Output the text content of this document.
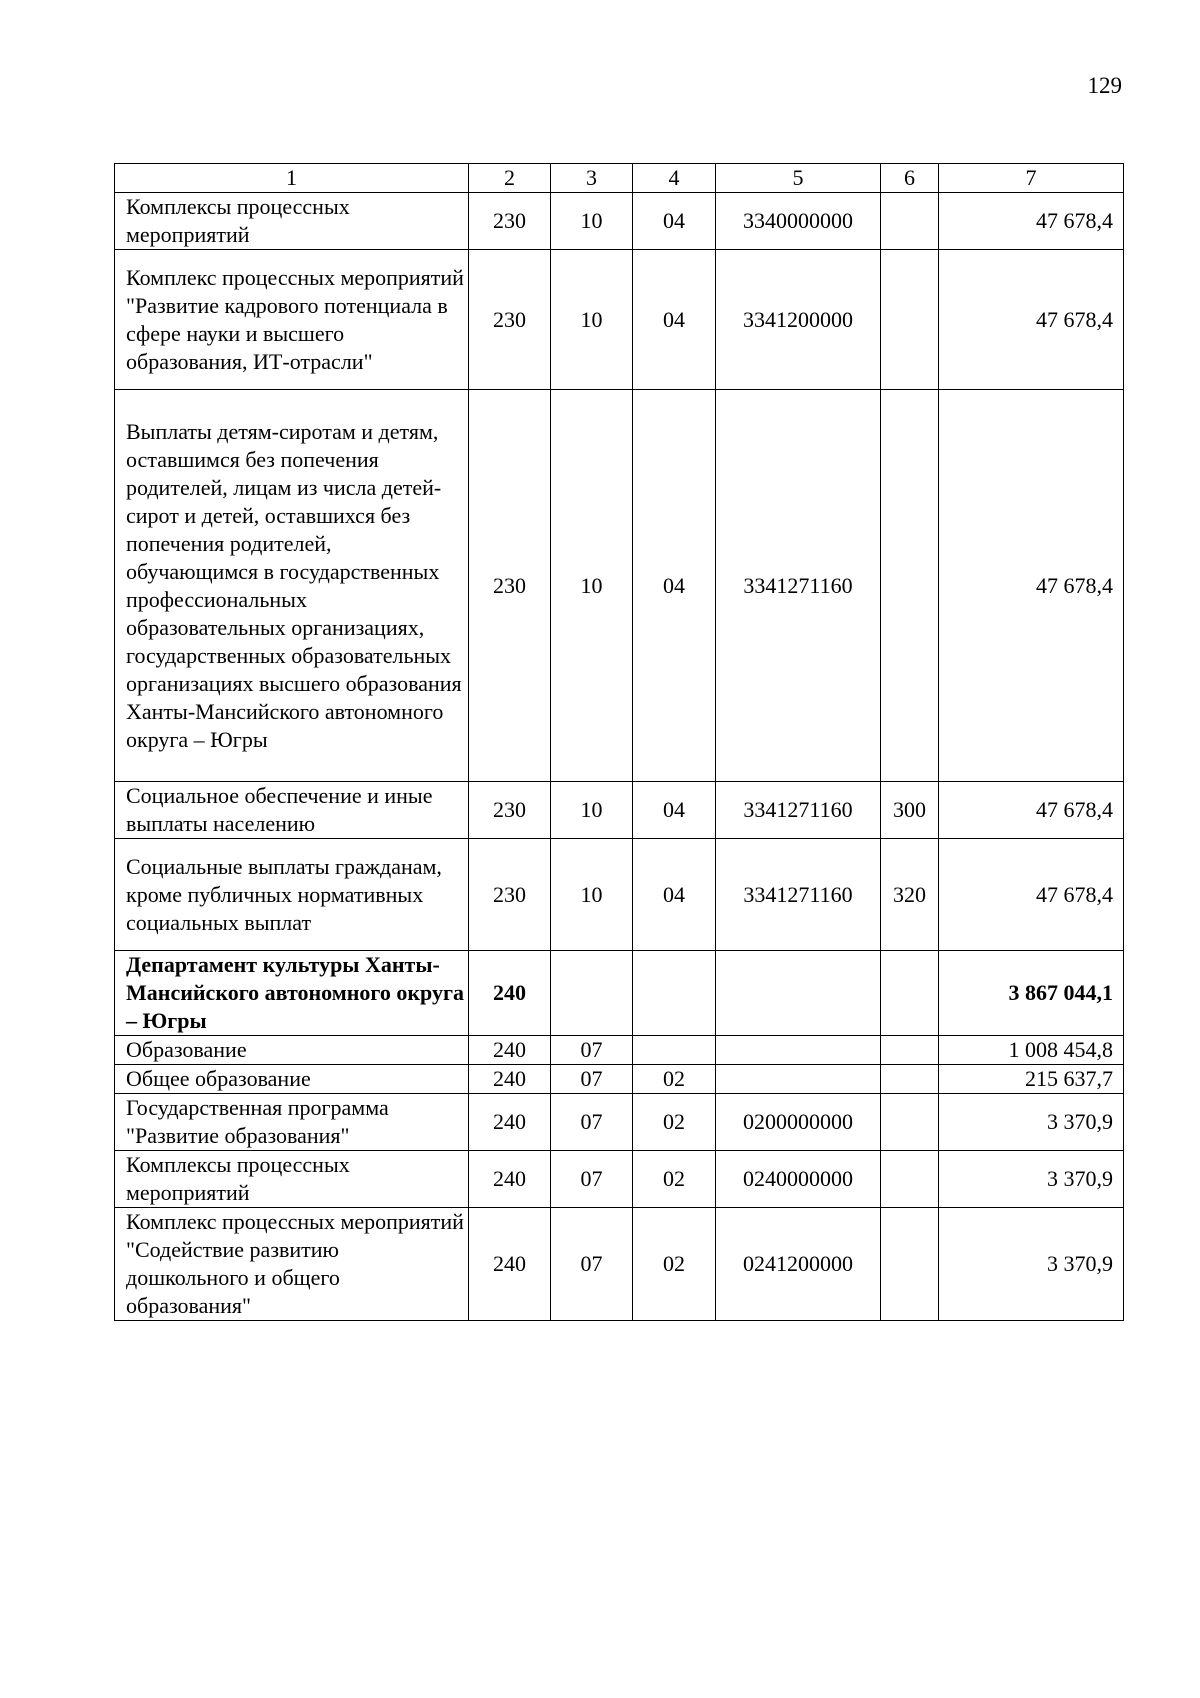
129
1	2	3	4	5	6	7
Комплексы процессных мероприятий	230	10	04	3340000000		47 678,4
Комплекс процессных мероприятий "Развитие кадрового потенциала в сфере науки и высшего образования, ИТ-отрасли"	230	10	04	3341200000		47 678,4
Выплаты детям-сиротам и детям, оставшимся без попечения родителей, лицам из числа детей-сирот и детей, оставшихся без попечения родителей, обучающимся в государственных профессиональных образовательных организациях, государственных образовательных организациях высшего образования Ханты-Мансийского автономного округа – Югры	230	10	04	3341271160		47 678,4
Социальное обеспечение и иные выплаты населению	230	10	04	3341271160	300	47 678,4
Социальные выплаты гражданам, кроме публичных нормативных социальных выплат	230	10	04	3341271160	320	47 678,4
Департамент культуры Ханты-Мансийского автономного округа – Югры	240					3 867 044,1
Образование	240	07				1 008 454,8
Общее образование	240	07	02			215 637,7
Государственная программа "Развитие образования"	240	07	02	0200000000		3 370,9
Комплексы процессных мероприятий	240	07	02	0240000000		3 370,9
Комплекс процессных мероприятий "Содействие развитию дошкольного и общего образования"	240	07	02	0241200000		3 370,9
